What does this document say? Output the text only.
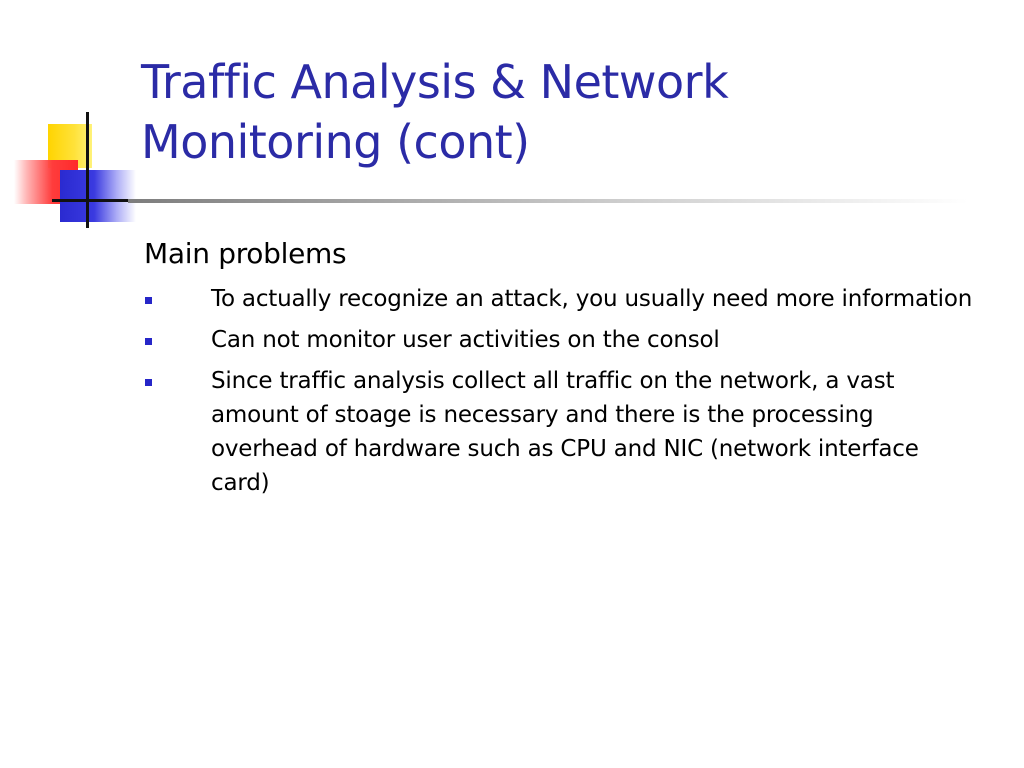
Traffic Analysis & Network
Monitoring (cont)

Main problems

To actually recognize an attack, you usually need more information
Can not monitor user activities on the consol
Since traffic analysis collect all traffic on the network, a vast amount of stoage is necessary and there is the processing overhead of hardware such as CPU and NIC (network interface card)
